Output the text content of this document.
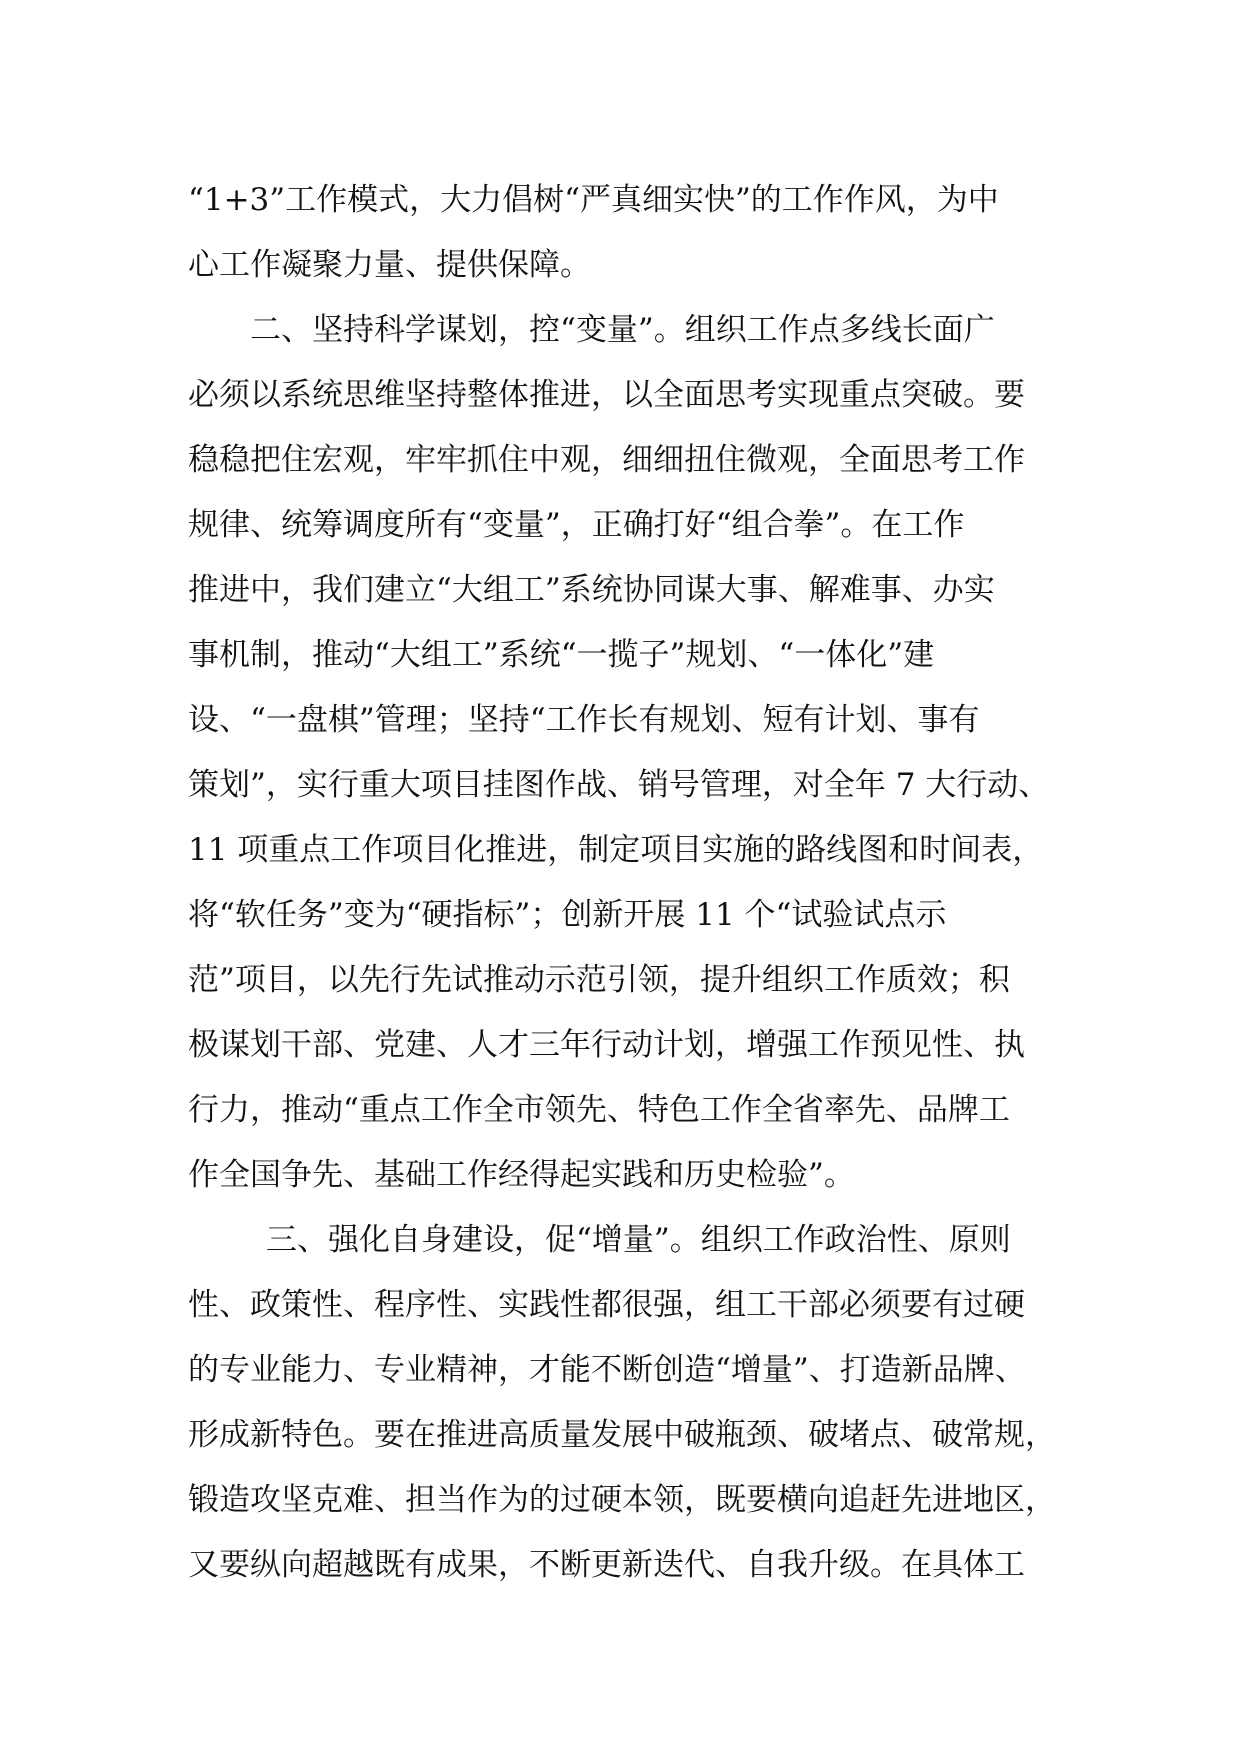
“1+3”工作模式，大力倡树“严真细实快”的工作作风，为中
心工作凝聚力量、提供保障。
二、坚持科学谋划，控“变量”。组织工作点多线长面广
必须以系统思维坚持整体推进，以全面思考实现重点突破。要
稳稳把住宏观，牢牢抓住中观，细细扭住微观，全面思考工作
规律、统筹调度所有“变量”，正确打好“组合拳”。在工作
推进中，我们建立“大组工”系统协同谋大事、解难事、办实
事机制，推动“大组工”系统“一揽子”规划、“一体化”建
设、“一盘棋”管理；坚持“工作长有规划、短有计划、事有
策划”，实行重大项目挂图作战、销号管理，对全年 7 大行动、
11 项重点工作项目化推进，制定项目实施的路线图和时间表，
将“软任务”变为“硬指标”；创新开展 11 个“试验试点示
范”项目，以先行先试推动示范引领，提升组织工作质效；积
极谋划干部、党建、人才三年行动计划，增强工作预见性、执
行力，推动“重点工作全市领先、特色工作全省率先、品牌工
作全国争先、基础工作经得起实践和历史检验”。
三、强化自身建设，促“增量”。组织工作政治性、原则
性、政策性、程序性、实践性都很强，组工干部必须要有过硬
的专业能力、专业精神，才能不断创造“增量”、打造新品牌、
形成新特色。要在推进高质量发展中破瓶颈、破堵点、破常规，
锻造攻坚克难、担当作为的过硬本领，既要横向追赶先进地区，
又要纵向超越既有成果，不断更新迭代、自我升级。在具体工
